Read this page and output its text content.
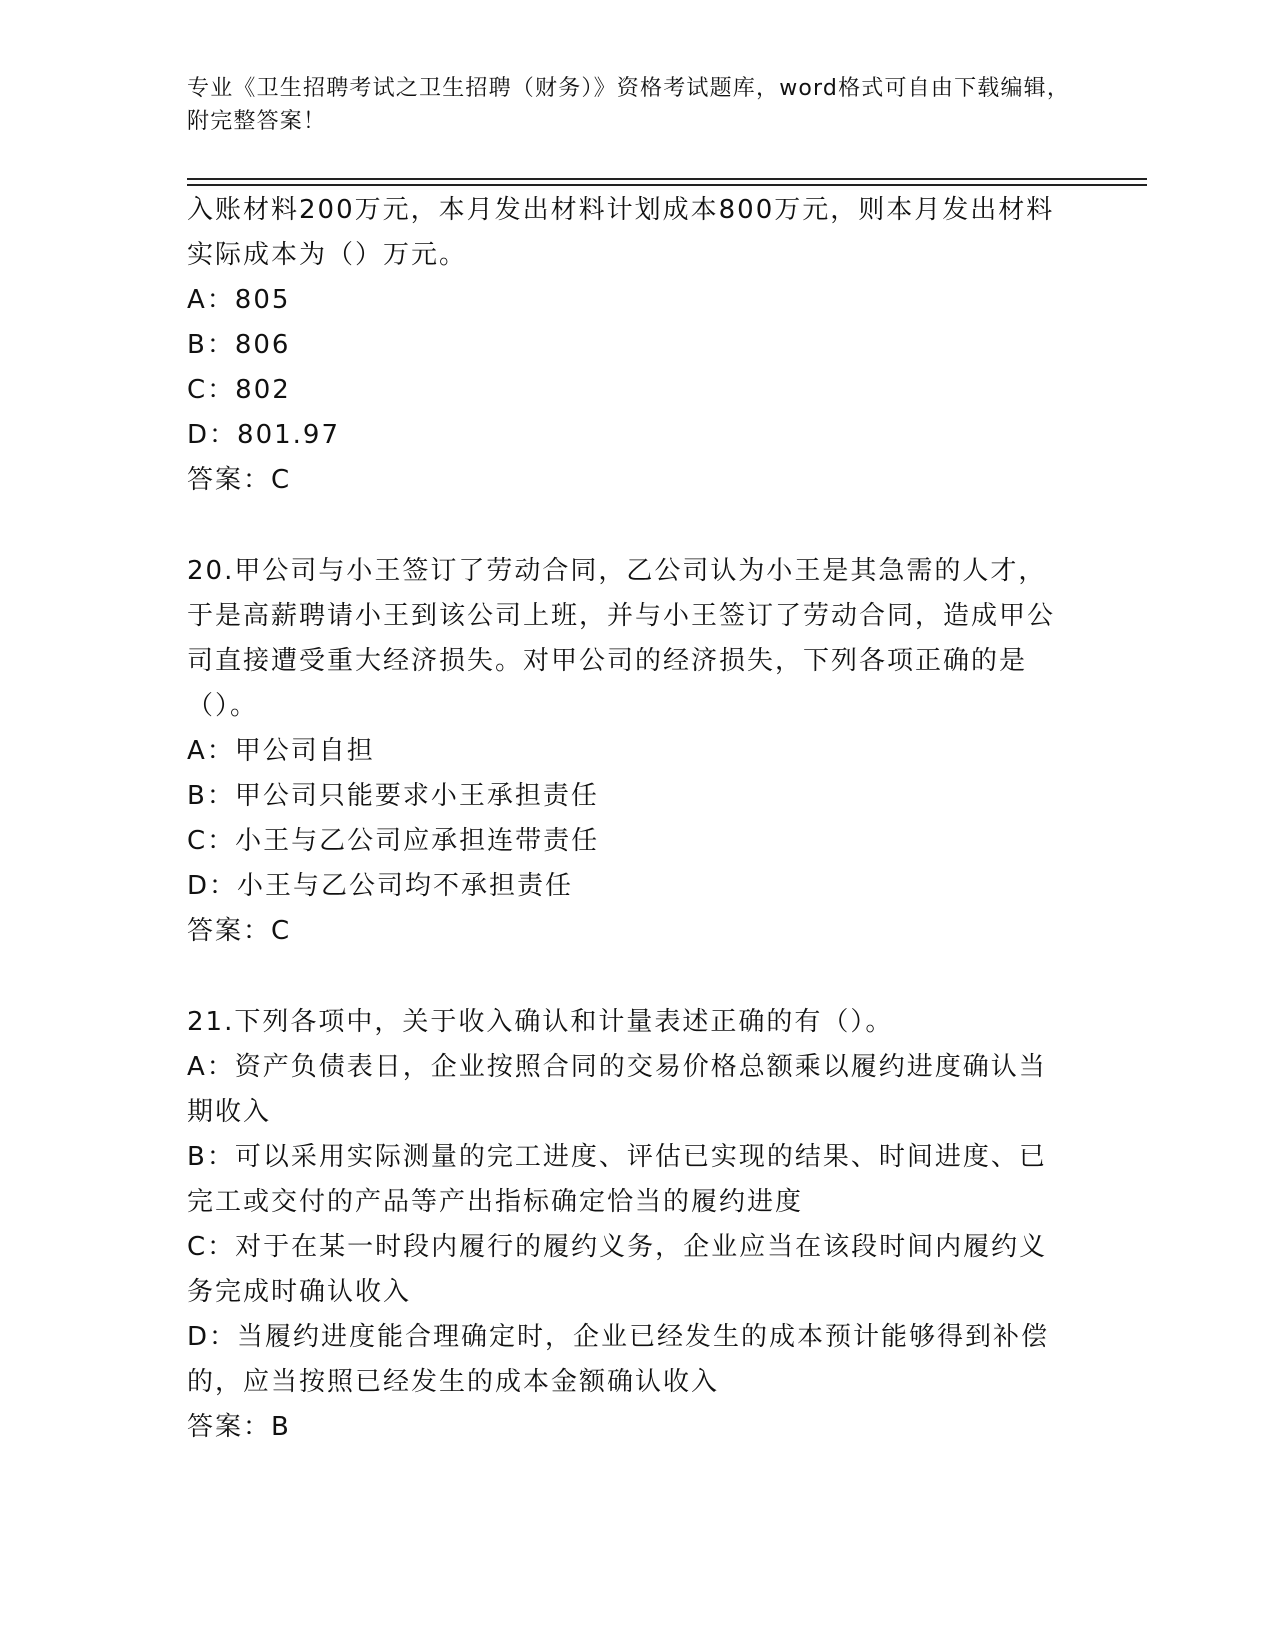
专业《卫生招聘考试之卫生招聘（财务）》资格考试题库，word格式可自由下载编辑，附完整答案！
入账材料200万元，本月发出材料计划成本800万元，则本月发出材料实际成本为（）万元。
A：805
B：806
C：802
D：801.97
答案：C
20.甲公司与小王签订了劳动合同，乙公司认为小王是其急需的人才，于是高薪聘请小王到该公司上班，并与小王签订了劳动合同，造成甲公司直接遭受重大经济损失。对甲公司的经济损失，下列各项正确的是（）。
A：甲公司自担
B：甲公司只能要求小王承担责任
C：小王与乙公司应承担连带责任
D：小王与乙公司均不承担责任
答案：C
21.下列各项中，关于收入确认和计量表述正确的有（）。
A：资产负债表日，企业按照合同的交易价格总额乘以履约进度确认当期收入
B：可以采用实际测量的完工进度、评估已实现的结果、时间进度、已完工或交付的产品等产出指标确定恰当的履约进度
C：对于在某一时段内履行的履约义务，企业应当在该段时间内履约义务完成时确认收入
D：当履约进度能合理确定时，企业已经发生的成本预计能够得到补偿的，应当按照已经发生的成本金额确认收入
答案：B
